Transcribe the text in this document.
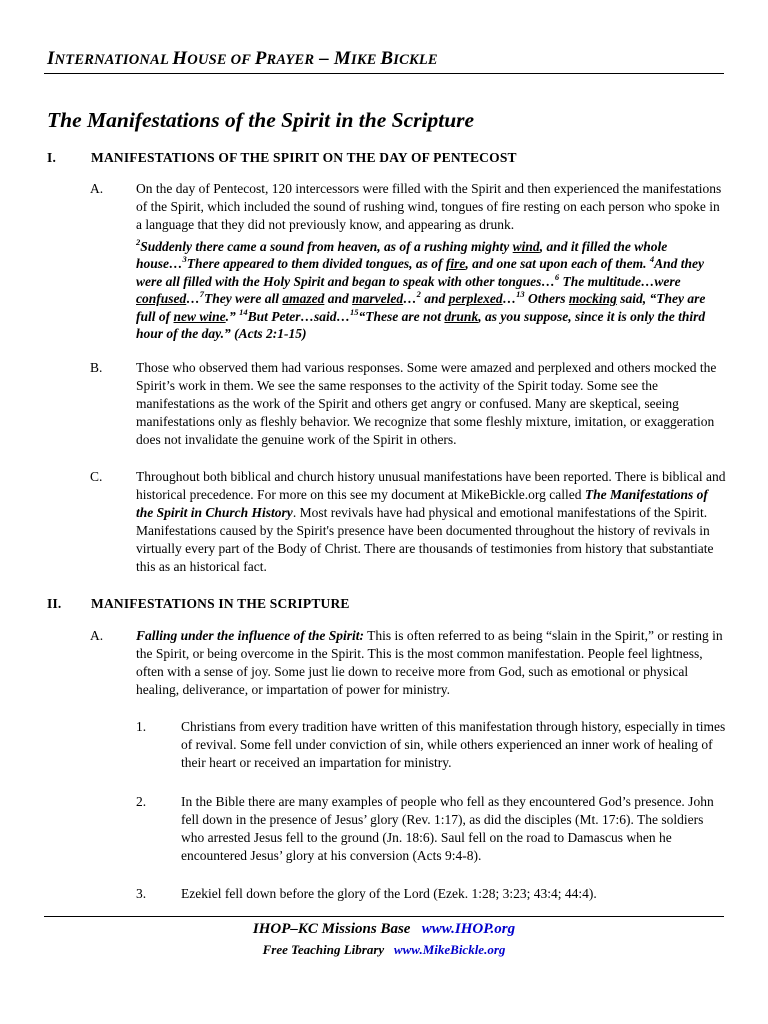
INTERNATIONAL HOUSE OF PRAYER – MIKE BICKLE
The Manifestations of the Spirit in the Scripture
I.	MANIFESTATIONS OF THE SPIRIT ON THE DAY OF PENTECOST
A. On the day of Pentecost, 120 intercessors were filled with the Spirit and then experienced the manifestations of the Spirit, which included the sound of rushing wind, tongues of fire resting on each person who spoke in a language that they did not previously know, and appearing as drunk.
$^2$Suddenly there came a sound from heaven, as of a rushing mighty wind, and it filled the whole house…$^3$There appeared to them divided tongues, as of fire, and one sat upon each of them. $^4$And they were all filled with the Holy Spirit and began to speak with other tongues…$^6$ The multitude…were confused…$^7$They were all amazed and marveled…$^2$ and perplexed…$^{13}$ Others mocking said, “They are full of new wine.” $^{14}$But Peter…said…$^{15}$“These are not drunk, as you suppose, since it is only the third hour of the day.” (Acts 2:1-15)
B. Those who observed them had various responses. Some were amazed and perplexed and others mocked the Spirit’s work in them. We see the same responses to the activity of the Spirit today. Some see the manifestations as the work of the Spirit and others get angry or confused. Many are skeptical, seeing manifestations only as fleshly behavior. We recognize that some fleshly mixture, imitation, or exaggeration does not invalidate the genuine work of the Spirit in others.
C. Throughout both biblical and church history unusual manifestations have been reported. There is biblical and historical precedence. For more on this see my document at MikeBickle.org called The Manifestations of the Spirit in Church History. Most revivals have had physical and emotional manifestations of the Spirit. Manifestations caused by the Spirit's presence have been documented throughout the history of revivals in virtually every part of the Body of Christ. There are thousands of testimonies from history that substantiate this as an historical fact.
II. MANIFESTATIONS IN THE SCRIPTURE
A. Falling under the influence of the Spirit: This is often referred to as being “slain in the Spirit,” or resting in the Spirit, or being overcome in the Spirit. This is the most common manifestation. People feel lightness, often with a sense of joy. Some just lie down to receive more from God, such as emotional or physical healing, deliverance, or impartation of power for ministry.
1.	Christians from every tradition have written of this manifestation through history, especially in times of revival. Some fell under conviction of sin, while others experienced an inner work of healing of their heart or received an impartation for ministry.
2.	In the Bible there are many examples of people who fell as they encountered God’s presence. John fell down in the presence of Jesus’ glory (Rev. 1:17), as did the disciples (Mt. 17:6). The soldiers who arrested Jesus fell to the ground (Jn. 18:6). Saul fell on the road to Damascus when he encountered Jesus’ glory at his conversion (Acts 9:4-8).
3.	Ezekiel fell down before the glory of the Lord (Ezek. 1:28; 3:23; 43:4; 44:4).
IHOP–KC Missions Base www.IHOP.org
Free Teaching Library www.MikeBickle.org
